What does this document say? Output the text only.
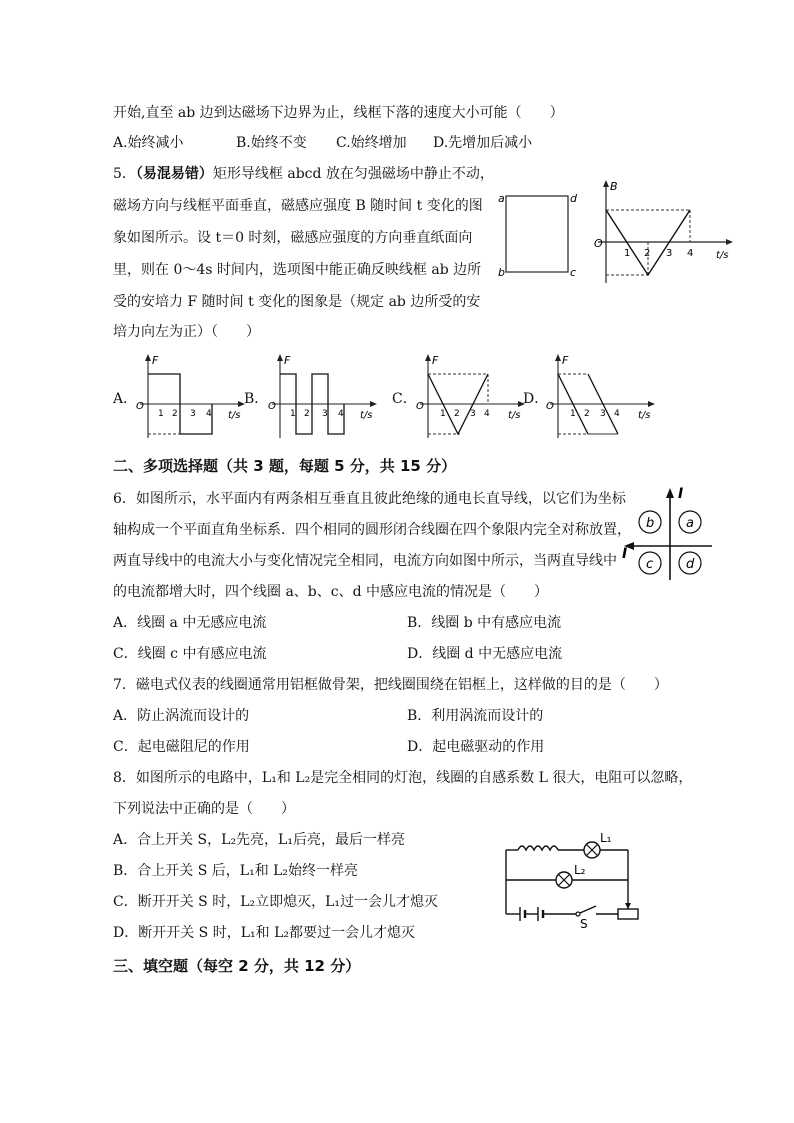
开始,直至 ab 边到达磁场下边界为止，线框下落的速度大小可能（　　）
A.始终减小	B.始终不变 C.始终增加 D.先增加后减小
5．（易混易错）矩形导线框 abcd 放在匀强磁场中静止不动，
磁场方向与线框平面垂直，磁感应强度 B 随时间 t 变化的图
象如图所示。设 t＝0 时刻，磁感应强度的方向垂直纸面向
里，则在 0～4s 时间内，选项图中能正确反映线框 ab 边所
受的安培力 F 随时间 t 变化的图象是（规定 ab 边所受的安
培力向左为正）（　　）
a
b	c
d
B
O
t/s
1 2 3 4
A．
F
O
t/s
1 2 3 4
B．
F
O
t/s
1 2 3 4
C．
F
O
t/s
1 2 3 4
D．
F
O
t/s
1 2 3 4
二、多项选择题（共 3 题，每题 5 分，共 15 分）
6．如图所示，水平面内有两条相互垂直且彼此绝缘的通电长直导线，以它们为坐标
轴构成一个平面直角坐标系．四个相同的圆形闭合线圈在四个象限内完全对称放置，
两直导线中的电流大小与变化情况完全相同，电流方向如图中所示，当两直导线中
的电流都增大时，四个线圈 a、b、c、d 中感应电流的情况是（　　）
I
I
b a
c	d
A．线圈 a 中无感应电流	B．线圈 b 中有感应电流
C．线圈 c 中有感应电流	D．线圈 d 中无感应电流
7．磁电式仪表的线圈通常用铝框做骨架，把线圈围绕在铝框上，这样做的目的是（　　）
A．防止涡流而设计的	B．利用涡流而设计的
C．起电磁阻尼的作用	D．起电磁驱动的作用
8．如图所示的电路中，L₁和 L₂是完全相同的灯泡，线圈的自感系数 L 很大，电阻可以忽略，
下列说法中正确的是（　　）
A．合上开关 S，L₂先亮，L₁后亮，最后一样亮
B．合上开关 S 后，L₁和 L₂始终一样亮
C．断开开关 S 时，L₂立即熄灭，L₁过一会儿才熄灭
D．断开开关 S 时，L₁和 L₂都要过一会儿才熄灭
L₁
L₂
S
三、填空题（每空 2 分，共 12 分）
